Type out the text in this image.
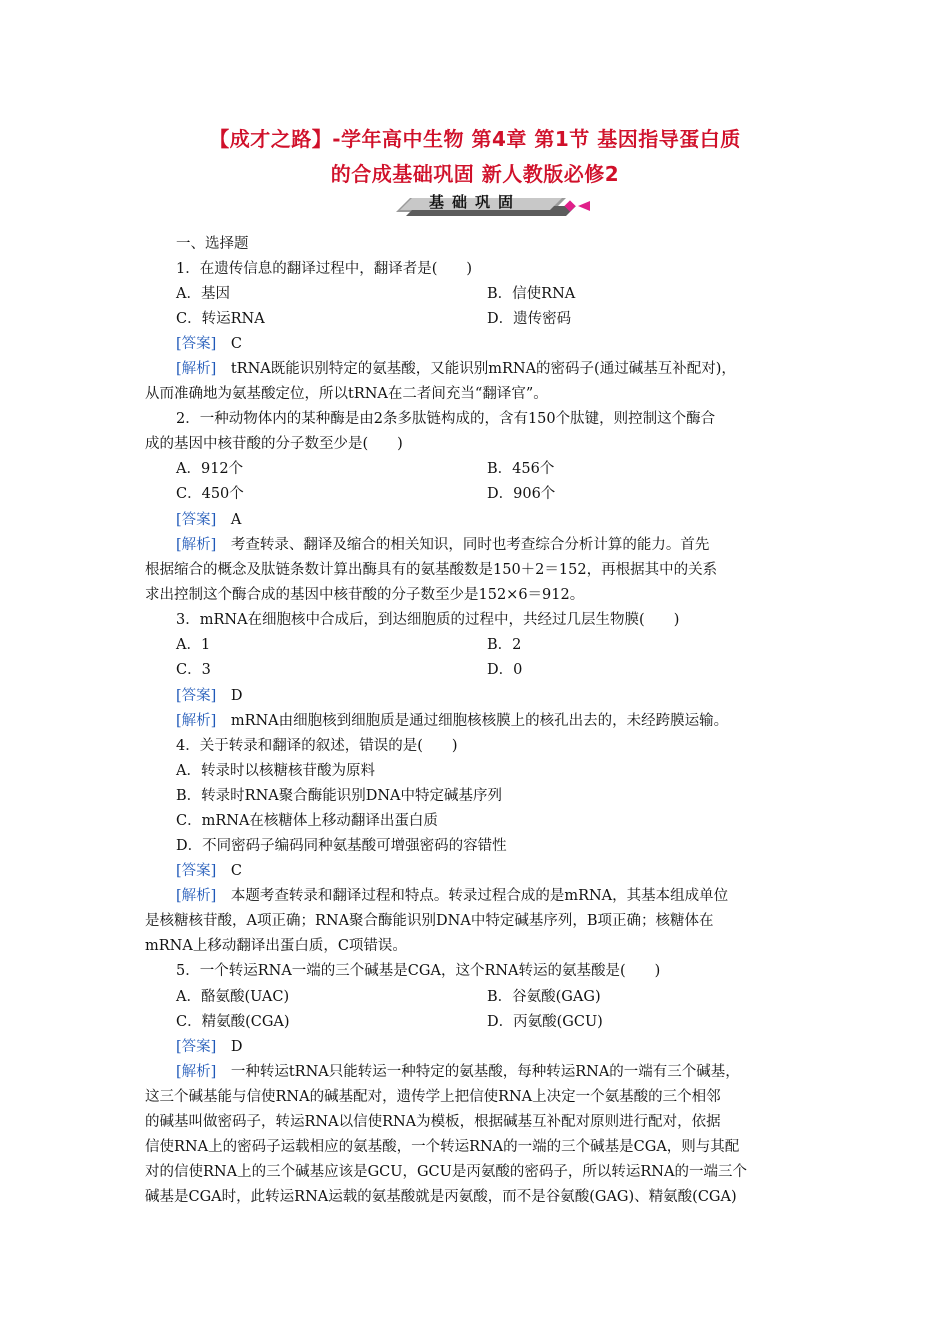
【成才之路】-学年高中生物 第4章 第1节 基因指导蛋白质
的合成基础巩固 新人教版必修2
基础巩固
一、选择题
1．在遗传信息的翻译过程中，翻译者是(　　)
A．基因	B．信使RNA
C．转运RNA	D．遗传密码
[答案]　 C
[解析]　 tRNA既能识别特定的氨基酸，又能识别mRNA的密码子(通过碱基互补配对)，
从而准确地为氨基酸定位，所以tRNA在二者间充当“翻译官”。
2．一种动物体内的某种酶是由2条多肽链构成的，含有150个肽键，则控制这个酶合
成的基因中核苷酸的分子数至少是(　　)
A．912个	B．456个
C．450个	D．906个
[答案]　 A
[解析]　 考查转录、翻译及缩合的相关知识，同时也考查综合分析计算的能力。首先
根据缩合的概念及肽链条数计算出酶具有的氨基酸数是150＋2＝152，再根据其中的关系
求出控制这个酶合成的基因中核苷酸的分子数至少是152×6＝912。
3．mRNA在细胞核中合成后，到达细胞质的过程中，共经过几层生物膜(　　)
A．1	B．2
C．3	D．0
[答案]　 D
[解析]　 mRNA由细胞核到细胞质是通过细胞核核膜上的核孔出去的，未经跨膜运输。
4．关于转录和翻译的叙述，错误的是(　　)
A．转录时以核糖核苷酸为原料
B．转录时RNA聚合酶能识别DNA中特定碱基序列
C．mRNA在核糖体上移动翻译出蛋白质
D．不同密码子编码同种氨基酸可增强密码的容错性
[答案]　 C
[解析]　 本题考查转录和翻译过程和特点。转录过程合成的是mRNA，其基本组成单位
是核糖核苷酸，A项正确；RNA聚合酶能识别DNA中特定碱基序列，B项正确；核糖体在
mRNA上移动翻译出蛋白质，C项错误。
5．一个转运RNA一端的三个碱基是CGA，这个RNA转运的氨基酸是(　　)
A．酪氨酸(UAC)	B．谷氨酸(GAG)
C．精氨酸(CGA)	D．丙氨酸(GCU)
[答案]　 D
[解析]　 一种转运tRNA只能转运一种特定的氨基酸，每种转运RNA的一端有三个碱基，
这三个碱基能与信使RNA的碱基配对，遗传学上把信使RNA上决定一个氨基酸的三个相邻
的碱基叫做密码子，转运RNA以信使RNA为模板，根据碱基互补配对原则进行配对，依据
信使RNA上的密码子运载相应的氨基酸，一个转运RNA的一端的三个碱基是CGA，则与其配
对的信使RNA上的三个碱基应该是GCU，GCU是丙氨酸的密码子，所以转运RNA的一端三个
碱基是CGA时，此转运RNA运载的氨基酸就是丙氨酸，而不是谷氨酸(GAG)、精氨酸(CGA)
